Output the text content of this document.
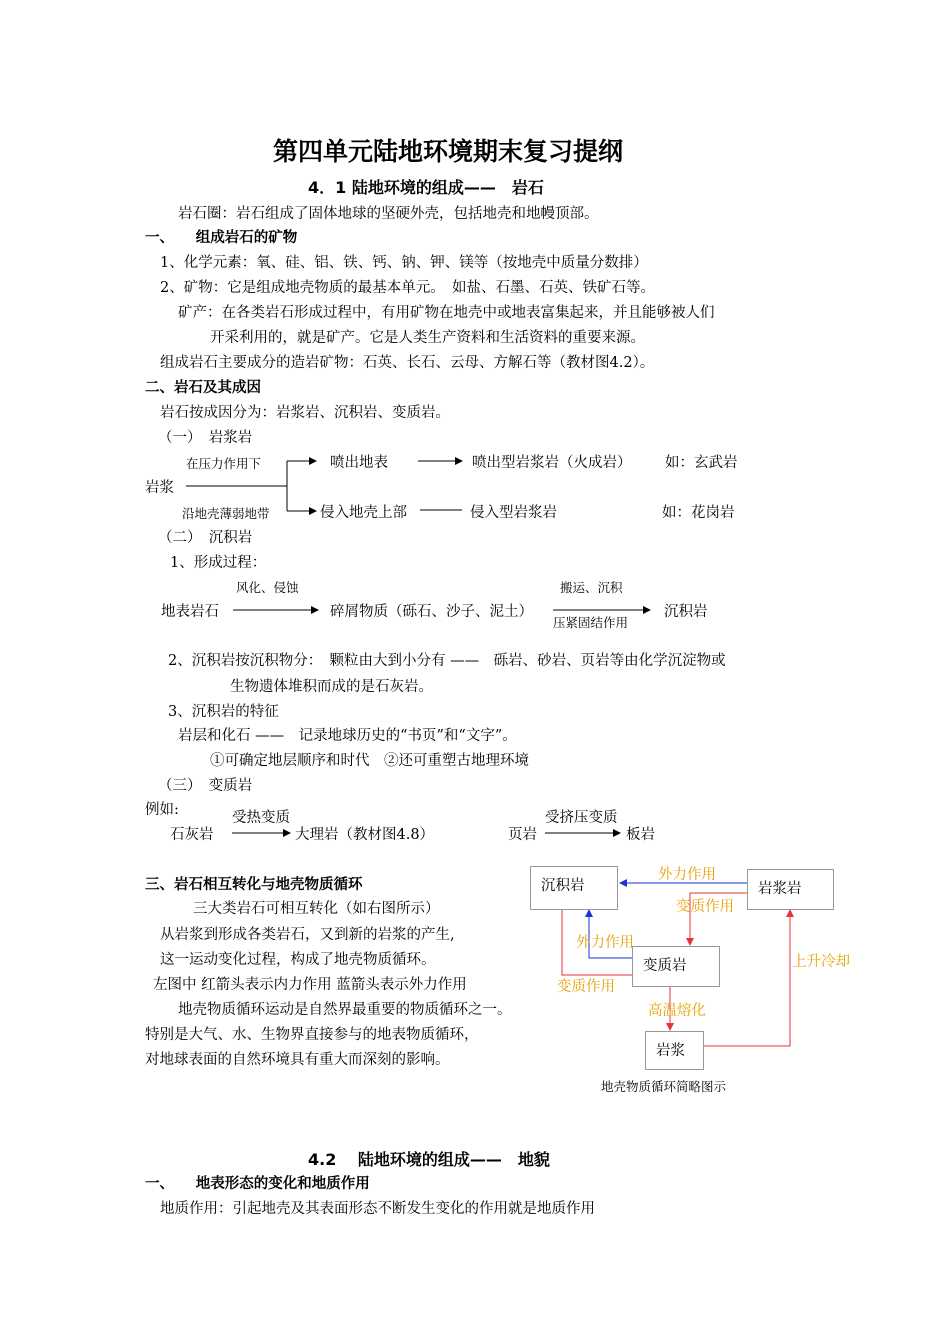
第四单元陆地环境期末复习提纲
4．1 陆地环境的组成——　岩石
岩石圈：岩石组成了固体地球的坚硬外壳，包括地壳和地幔顶部。
一、　　组成岩石的矿物
1、化学元素：氧、硅、铝、铁、钙、钠、钾、镁等（按地壳中质量分数排）
2、矿物：它是组成地壳物质的最基本单元。　如盐、石墨、石英、铁矿石等。
矿产：在各类岩石形成过程中，有用矿物在地壳中或地表富集起来，并且能够被人们
开采利用的，就是矿产。它是人类生产资料和生活资料的重要来源。
组成岩石主要成分的造岩矿物：石英、长石、云母、方解石等（教材图4.2）。
二、岩石及其成因
岩石按成因分为：岩浆岩、沉积岩、变质岩。
（一）　岩浆岩
在压力作用下	喷出地表	喷出型岩浆岩（火成岩） 如：玄武岩
岩浆
沿地壳薄弱地带	侵入地壳上部	侵入型岩浆岩	如：花岗岩
（二）　沉积岩
1、形成过程：
风化、侵蚀	搬运、沉积
地表岩石	碎屑物质（砾石、沙子、泥土）	沉积岩
压紧固结作用
2、沉积岩按沉积物分：　颗粒由大到小分有 ——　砾岩、砂岩、页岩等由化学沉淀物或
生物遗体堆积而成的是石灰岩。
3、沉积岩的特征
岩层和化石 ——　记录地球历史的“书页”和“文字”。
①可确定地层顺序和时代　②还可重塑古地理环境
（三）　变质岩
例如:	受热变质
石灰岩	大理岩（教材图4.8）
受挤压变质
页岩	板岩
三、岩石相互转化与地壳物质循环
三大类岩石可相互转化（如右图所示）
从岩浆到形成各类岩石，又到新的岩浆的产生,
这一运动变化过程，构成了地壳物质循环。
左图中 红箭头表示内力作用 蓝箭头表示外力作用
地壳物质循环运动是自然界最重要的物质循环之一。
特别是大气、水、生物界直接参与的地表物质循环，
对地球表面的自然环境具有重大而深刻的影响。
沉积岩	岩浆岩
变质岩
岩浆
外力作用
变质作用
外力作用
上升冷却
变质作用
高温熔化
地壳物质循环简略图示
4.2　 陆地环境的组成——　地貌
一、　　地表形态的变化和地质作用
地质作用：引起地壳及其表面形态不断发生变化的作用就是地质作用
